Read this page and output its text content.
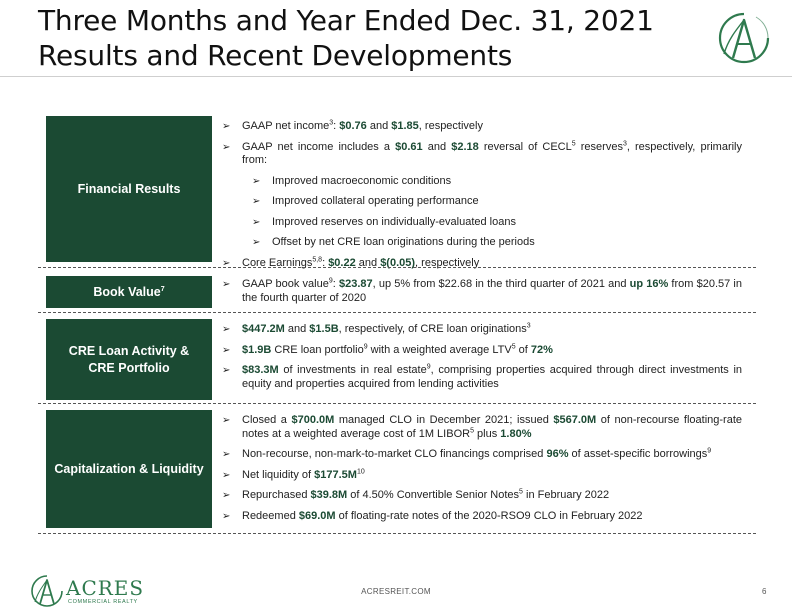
Three Months and Year Ended Dec. 31, 2021
Results and Recent Developments
Financial Results
➢ GAAP net income$^3$: $0.76 and $1.85, respectively
➢ GAAP net income includes a $0.61 and $2.18 reversal of CECL$^5$ reserves$^3$, respectively, primarily from:
➢ Improved macroeconomic conditions
➢ Improved collateral operating performance
➢ Improved reserves on individually-evaluated loans
➢ Offset by net CRE loan originations during the periods
➢ Core Earnings$^{5,8}$: $0.22 and $(0.05), respectively
Book Value$^7$	➢ GAAP book value$^9$: $23.87, up 5% from $22.68 in the third quarter of 2021 and up 16% from $20.57 in the fourth quarter of 2020
CRE Loan Activity & CRE Portfolio
➢ $447.2M and $1.5B, respectively, of CRE loan originations$^3$
➢ $1.9B CRE loan portfolio$^9$ with a weighted average LTV$^5$ of 72%
➢ $83.3M of investments in real estate$^9$, comprising properties acquired through direct investments in equity and properties acquired from lending activities
Capitalization & Liquidity
➢ Closed a $700.0M managed CLO in December 2021; issued $567.0M of non-recourse floating-rate notes at a weighted average cost of 1M LIBOR$^5$ plus 1.80%
➢ Non-recourse, non-mark-to-market CLO financings comprised 96% of asset-specific borrowings$^9$
➢ Net liquidity of $\$177.5M^{10}$
➢ Repurchased $39.8M of 4.50% Convertible Senior Notes$^5$ in February 2022
➢ Redeemed $69.0M of floating-rate notes of the 2020-RSO9 CLO in February 2022
ACRES
COMMERCIAL REALTY
ACRESREIT.COM	6
